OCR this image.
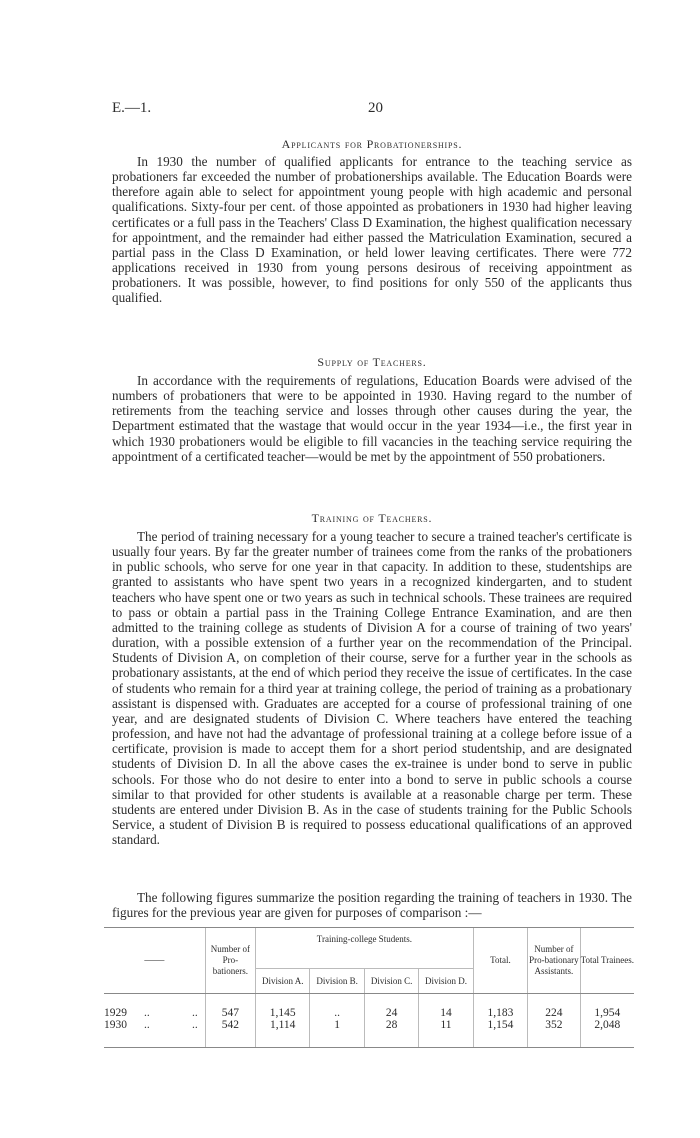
E.—1.	20
Applicants for Probationerships.

In 1930 the number of qualified applicants for entrance to the teaching service as probationers far exceeded the number of probationerships available. The Education Boards were therefore again able to select for appointment young people with high academic and personal qualifications. Sixty-four per cent. of those appointed as probationers in 1930 had higher leaving certificates or a full pass in the Teachers' Class D Examination, the highest qualification necessary for appointment, and the remainder had either passed the Matriculation Examination, secured a partial pass in the Class D Examination, or held lower leaving certificates. There were 772 applications received in 1930 from young persons desirous of receiving appointment as probationers. It was possible, however, to find positions for only 550 of the applicants thus qualified.

Supply of Teachers.

In accordance with the requirements of regulations, Education Boards were advised of the numbers of probationers that were to be appointed in 1930. Having regard to the number of retirements from the teaching service and losses through other causes during the year, the Department estimated that the wastage that would occur in the year 1934—i.e., the first year in which 1930 probationers would be eligible to fill vacancies in the teaching service requiring the appointment of a certificated teacher—would be met by the appointment of 550 probationers.

Training of Teachers.

The period of training necessary for a young teacher to secure a trained teacher's certificate is usually four years. By far the greater number of trainees come from the ranks of the probationers in public schools, who serve for one year in that capacity. In addition to these, studentships are granted to assistants who have spent two years in a recognized kindergarten, and to student teachers who have spent one or two years as such in technical schools. These trainees are required to pass or obtain a partial pass in the Training College Entrance Examination, and are then admitted to the training college as students of Division A for a course of training of two years' duration, with a possible extension of a further year on the recommendation of the Principal. Students of Division A, on completion of their course, serve for a further year in the schools as probationary assistants, at the end of which period they receive the issue of certificates. In the case of students who remain for a third year at training college, the period of training as a probationary assistant is dispensed with. Graduates are accepted for a course of professional training of one year, and are designated students of Division C. Where teachers have entered the teaching profession, and have not had the advantage of professional training at a college before issue of a certificate, provision is made to accept them for a short period studentship, and are designated students of Division D. In all the above cases the ex-trainee is under bond to serve in public schools. For those who do not desire to enter into a bond to serve in public schools a course similar to that provided for other students is available at a reasonable charge per term. These students are entered under Division B. As in the case of students training for the Public Schools Service, a student of Division B is required to possess educational qualifications of an approved standard.

The following figures summarize the position regarding the training of teachers in 1930. The figures for the previous year are given for purposes of comparison :—

——	Number of Pro-bationers.	Training-college Students.				Total.	Number of Pro-bationary Assistants.	Total Trainees.
		Division A.	Division B.	Division C.	Division D.			
1929 .. ..	547	1,145	..	24	14	1,183	224	1,954
1930 .. ..	542	1,114	1	28	11	1,154	352	2,048
